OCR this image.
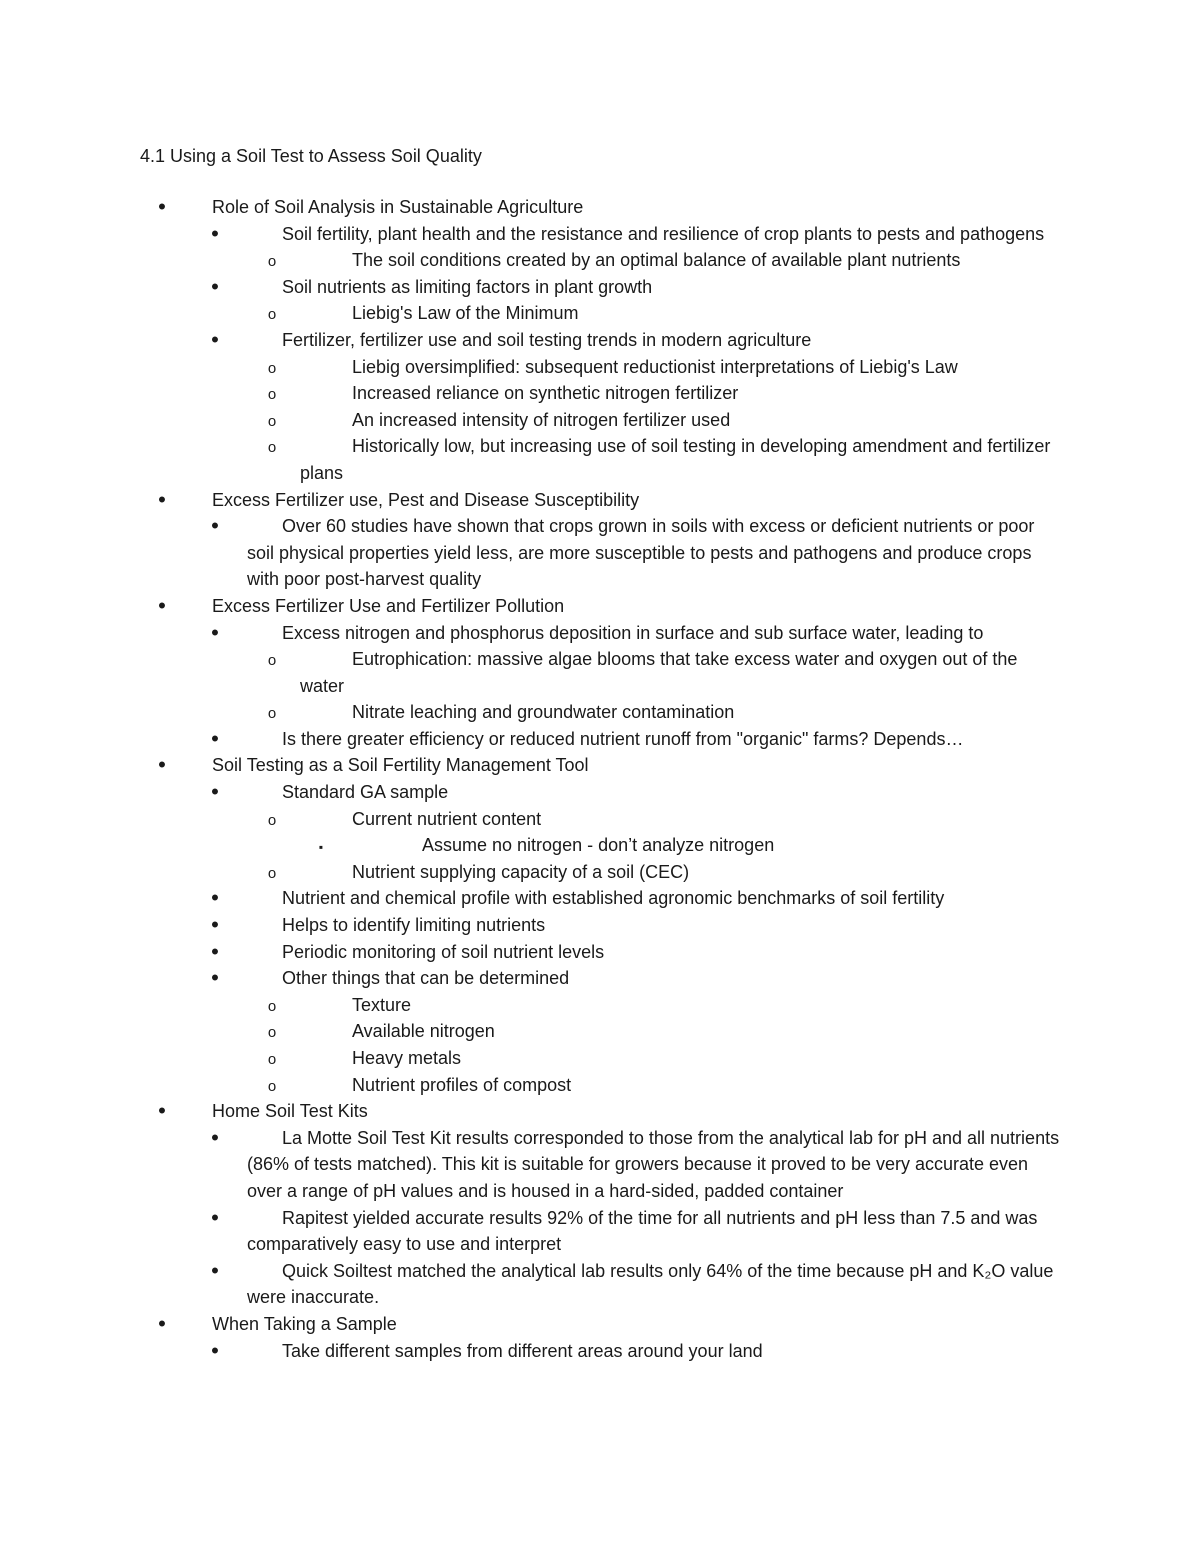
4.1 Using a Soil Test to Assess Soil Quality
•
Role of Soil Analysis in Sustainable Agriculture
•
Soil fertility, plant health and the resistance and resilience of crop plants to pests and pathogens
o
The soil conditions created by an optimal balance of available plant nutrients
•
Soil nutrients as limiting factors in plant growth
o
Liebig's Law of the Minimum
•
Fertilizer, fertilizer use and soil testing trends in modern agriculture
o
Liebig oversimplified: subsequent reductionist interpretations of Liebig's Law
o
Increased reliance on synthetic nitrogen fertilizer
o
An increased intensity of nitrogen fertilizer used
o
Historically low, but increasing use of soil testing in developing amendment and fertilizer plans
•
Excess Fertilizer use, Pest and Disease Susceptibility
•
Over 60 studies have shown that crops grown in soils with excess or deficient nutrients or poor soil physical properties yield less, are more susceptible to pests and pathogens and produce crops with poor post-harvest quality
•
Excess Fertilizer Use and Fertilizer Pollution
•
Excess nitrogen and phosphorus deposition in surface and sub surface water, leading to
o
Eutrophication: massive algae blooms that take excess water and oxygen out of the water
o
Nitrate leaching and groundwater contamination
•
Is there greater efficiency or reduced nutrient runoff from "organic" farms? Depends…
•
Soil Testing as a Soil Fertility Management Tool
•
Standard GA sample
o
Current nutrient content
▪
Assume no nitrogen - don’t analyze nitrogen
o
Nutrient supplying capacity of a soil (CEC)
•
Nutrient and chemical profile with established agronomic benchmarks of soil fertility
•
Helps to identify limiting nutrients
•
Periodic monitoring of soil nutrient levels
•
Other things that can be determined
o
Texture
o
Available nitrogen
o
Heavy metals
o
Nutrient profiles of compost
•
Home Soil Test Kits
•
La Motte Soil Test Kit results corresponded to those from the analytical lab for pH and all nutrients (86% of tests matched). This kit is suitable for growers because it proved to be very accurate even over a range of pH values and is housed in a hard-sided, padded container
•
Rapitest yielded accurate results 92% of the time for all nutrients and pH less than 7.5 and was comparatively easy to use and interpret
•
Quick Soiltest matched the analytical lab results only 64% of the time because pH and K₂O value were inaccurate.
•
When Taking a Sample
•
Take different samples from different areas around your land
